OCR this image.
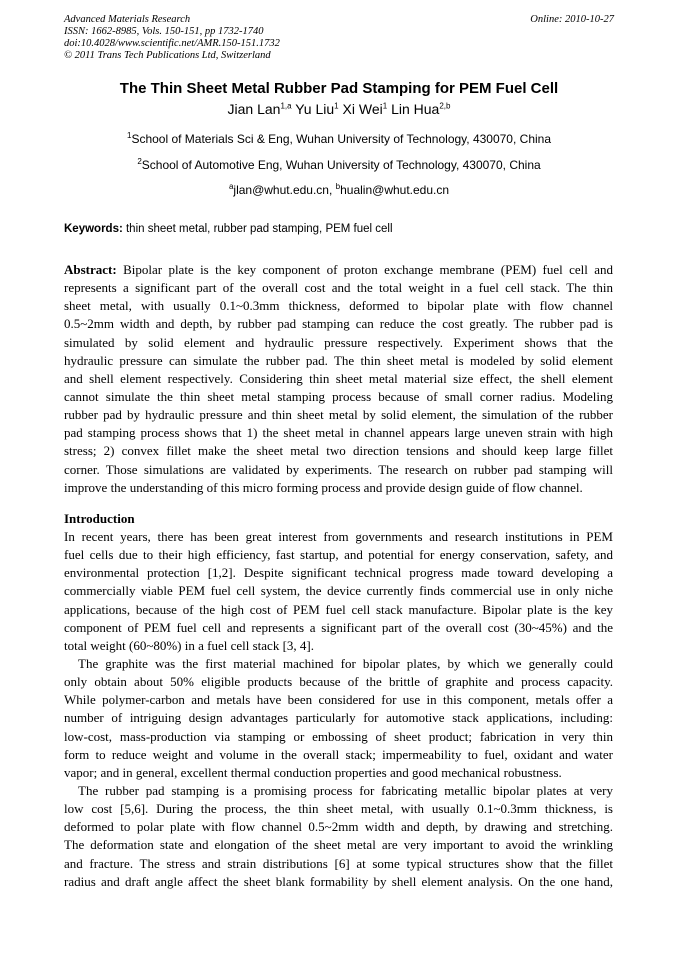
Advanced Materials Research
ISSN: 1662-8985, Vols. 150-151, pp 1732-1740
doi:10.4028/www.scientific.net/AMR.150-151.1732
© 2011 Trans Tech Publications Ltd, Switzerland
Online: 2010-10-27
The Thin Sheet Metal Rubber Pad Stamping for PEM Fuel Cell
Jian Lan$^{1,a}$ Yu Liu$^1$ Xi Wei$^1$ Lin Hua$^{2,b}$
$^1$School of Materials Sci & Eng, Wuhan University of Technology, 430070, China
$^2$School of Automotive Eng, Wuhan University of Technology, 430070, China
$^a$jlan@whut.edu.cn, $^b$hualin@whut.edu.cn
Keywords: thin sheet metal, rubber pad stamping, PEM fuel cell
Abstract: Bipolar plate is the key component of proton exchange membrane (PEM) fuel cell and
represents a significant part of the overall cost and the total weight in a fuel cell stack. The thin
sheet metal, with usually 0.1~0.3mm thickness, deformed to bipolar plate with flow channel
0.5~2mm width and depth, by rubber pad stamping can reduce the cost greatly. The rubber pad is
simulated by solid element and hydraulic pressure respectively. Experiment shows that the
hydraulic pressure can simulate the rubber pad. The thin sheet metal is modeled by solid element
and shell element respectively. Considering thin sheet metal material size effect, the shell element
cannot simulate the thin sheet metal stamping process because of small corner radius. Modeling
rubber pad by hydraulic pressure and thin sheet metal by solid element, the simulation of the rubber
pad stamping process shows that 1) the sheet metal in channel appears large uneven strain with high
stress; 2) convex fillet make the sheet metal two direction tensions and should keep large fillet
corner. Those simulations are validated by experiments. The research on rubber pad stamping will
improve the understanding of this micro forming process and provide design guide of flow channel.
Introduction
In recent years, there has been great interest from governments and research institutions in PEM
fuel cells due to their high efficiency, fast startup, and potential for energy conservation, safety, and
environmental protection [1,2]. Despite significant technical progress made toward developing a
commercially viable PEM fuel cell system, the device currently finds commercial use in only niche
applications, because of the high cost of PEM fuel cell stack manufacture. Bipolar plate is the key
component of PEM fuel cell and represents a significant part of the overall cost (30~45%) and the
total weight (60~80%) in a fuel cell stack [3, 4].
The graphite was the first material machined for bipolar plates, by which we generally could
only obtain about 50% eligible products because of the brittle of graphite and process capacity.
While polymer-carbon and metals have been considered for use in this component, metals offer a
number of intriguing design advantages particularly for automotive stack applications, including:
low-cost, mass-production via stamping or embossing of sheet product; fabrication in very thin
form to reduce weight and volume in the overall stack; impermeability to fuel, oxidant and water
vapor; and in general, excellent thermal conduction properties and good mechanical robustness.
The rubber pad stamping is a promising process for fabricating metallic bipolar plates at very
low cost [5,6]. During the process, the thin sheet metal, with usually 0.1~0.3mm thickness, is
deformed to polar plate with flow channel 0.5~2mm width and depth, by drawing and stretching.
The deformation state and elongation of the sheet metal are very important to avoid the wrinkling
and fracture. The stress and strain distributions [6] at some typical structures show that the fillet
radius and draft angle affect the sheet blank formability by shell element analysis. On the one hand,
